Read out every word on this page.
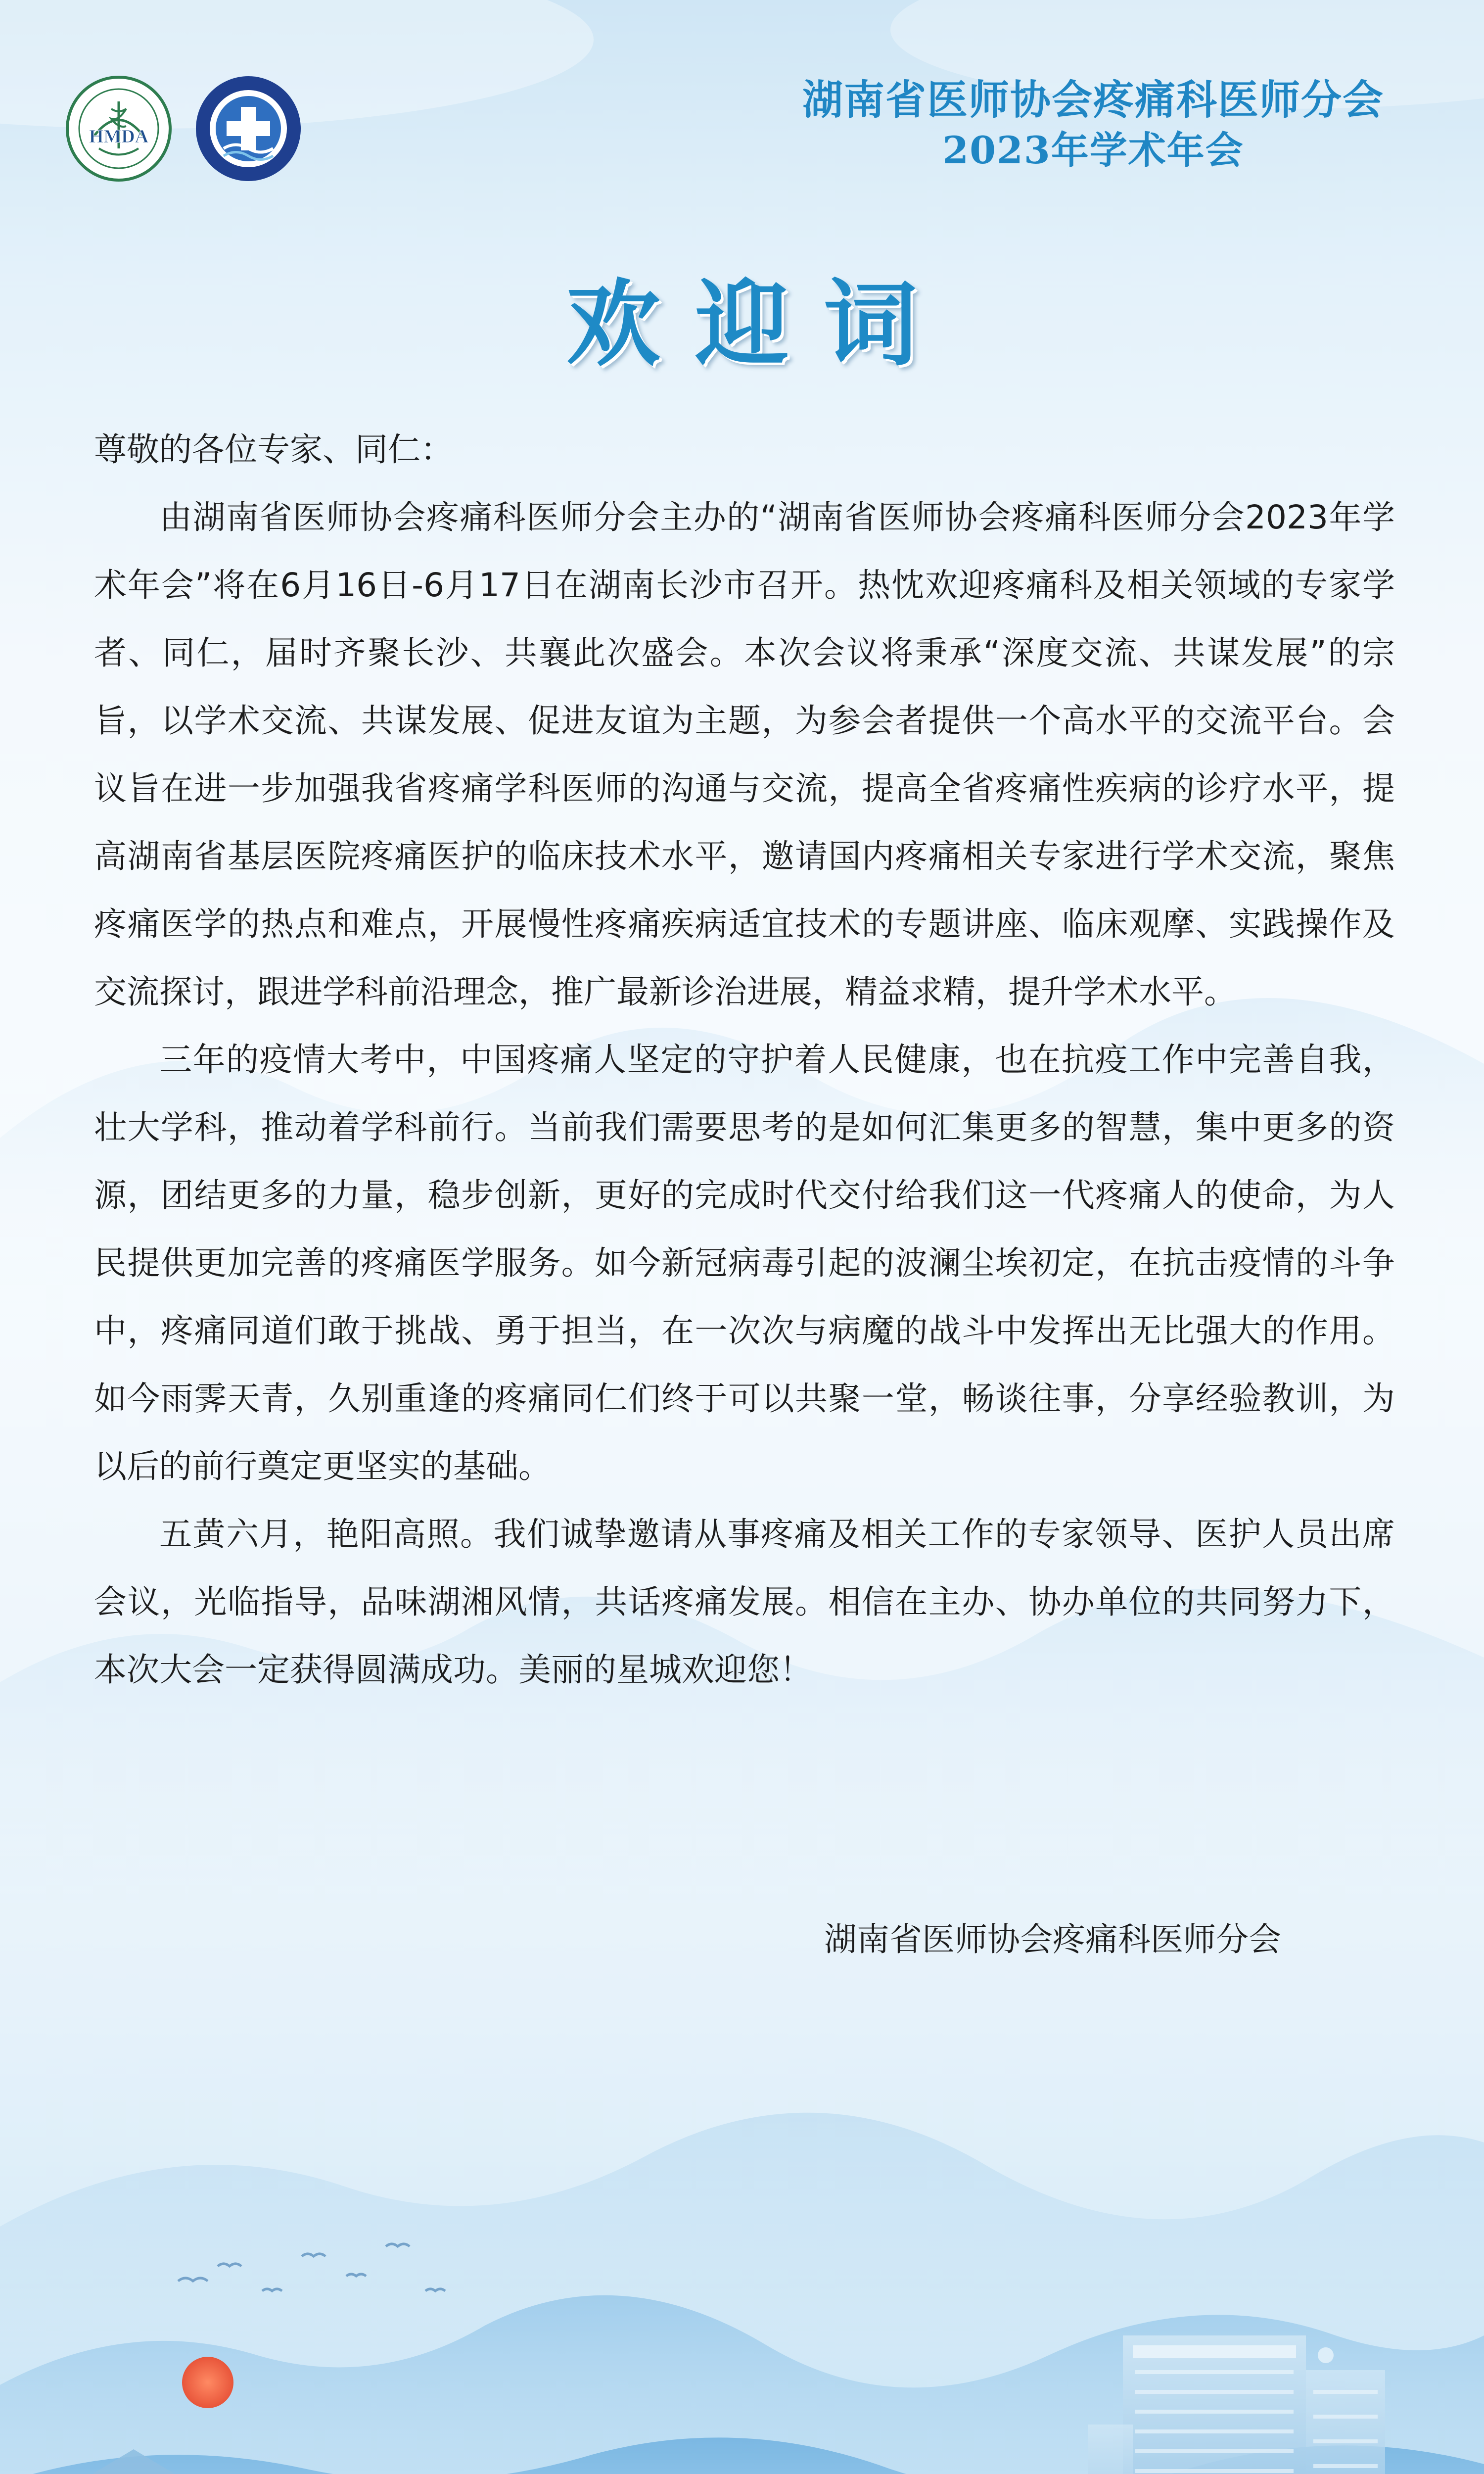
HMDA
湖南省医师协会疼痛科医师分会
2023年学术年会
欢迎词

尊敬的各位专家、同仁：

由湖南省医师协会疼痛科医师分会主办的“湖南省医师协会疼痛科医师分会2023年学术年会”将在6月16日-6月17日在湖南长沙市召开。热忱欢迎疼痛科及相关领域的专家学者、同仁，届时齐聚长沙、共襄此次盛会。本次会议将秉承“深度交流、共谋发展”的宗旨，以学术交流、共谋发展、促进友谊为主题，为参会者提供一个高水平的交流平台。会议旨在进一步加强我省疼痛学科医师的沟通与交流，提高全省疼痛性疾病的诊疗水平，提高湖南省基层医院疼痛医护的临床技术水平，邀请国内疼痛相关专家进行学术交流，聚焦疼痛医学的热点和难点，开展慢性疼痛疾病适宜技术的专题讲座、临床观摩、实践操作及交流探讨，跟进学科前沿理念，推广最新诊治进展，精益求精，提升学术水平。

三年的疫情大考中，中国疼痛人坚定的守护着人民健康，也在抗疫工作中完善自我，壮大学科，推动着学科前行。当前我们需要思考的是如何汇集更多的智慧，集中更多的资源，团结更多的力量，稳步创新，更好的完成时代交付给我们这一代疼痛人的使命，为人民提供更加完善的疼痛医学服务。如今新冠病毒引起的波澜尘埃初定，在抗击疫情的斗争中，疼痛同道们敢于挑战、勇于担当，在一次次与病魔的战斗中发挥出无比强大的作用。如今雨霁天青，久别重逢的疼痛同仁们终于可以共聚一堂，畅谈往事，分享经验教训，为以后的前行奠定更坚实的基础。

五黄六月，艳阳高照。我们诚挚邀请从事疼痛及相关工作的专家领导、医护人员出席会议，光临指导，品味湖湘风情，共话疼痛发展。相信在主办、协办单位的共同努力下，本次大会一定获得圆满成功。美丽的星城欢迎您！

湖南省医师协会疼痛科医师分会
